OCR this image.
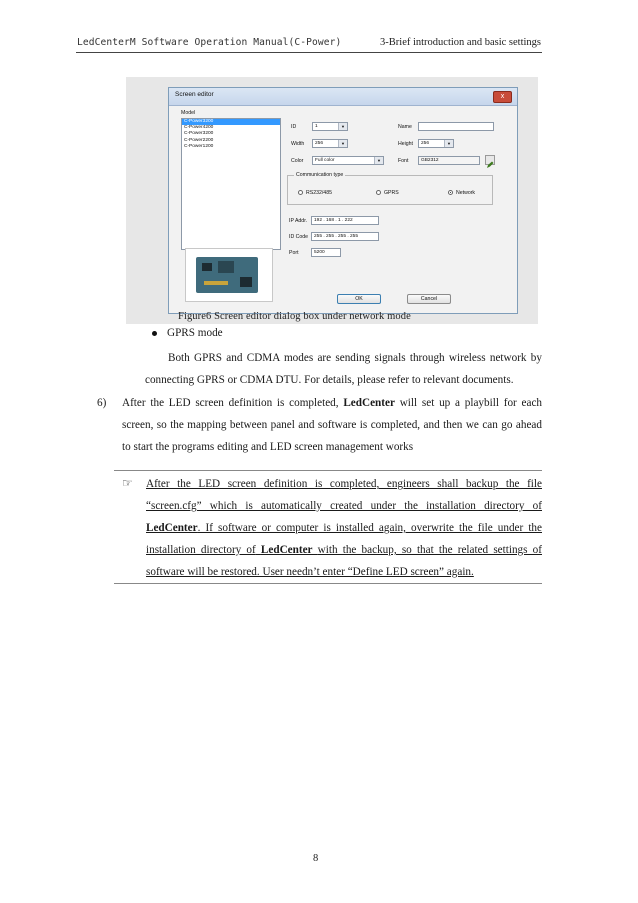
LedCenterM Software Operation Manual(C-Power)	3-Brief introduction and basic settings
Screen editor	x
Model
C-Power3200
C-Power4200
C-Power3200
C-Power2200
C-Power1200
ID	1	▼	Name
Width	256	▼	Height	256	▼
Color	Full color	▼	Font	GB2312
Communication type
RS232/485	GPRS	Network
IP Addr.	192 . 168 . 1 . 222
ID Code	255 . 255 . 255 . 255
Port	5200
OK	Cancel
Figure6 Screen editor dialog box under network mode
GPRS mode
Both GPRS and CDMA modes are sending signals through wireless network by
connecting GPRS or CDMA DTU. For details, please refer to relevant documents.
6) After the LED screen definition is completed, LedCenter will set up a playbill for each
screen, so the mapping between panel and software is completed, and then we can go ahead
to start the programs editing and LED screen management works
☞ After the LED screen definition is completed, engineers shall backup the file
“screen.cfg” which is automatically created under the installation directory of
LedCenter. If software or computer is installed again, overwrite the file under the
installation directory of LedCenter with the backup, so that the related settings of
software will be restored. User needn’t enter “Define LED screen” again.
8
